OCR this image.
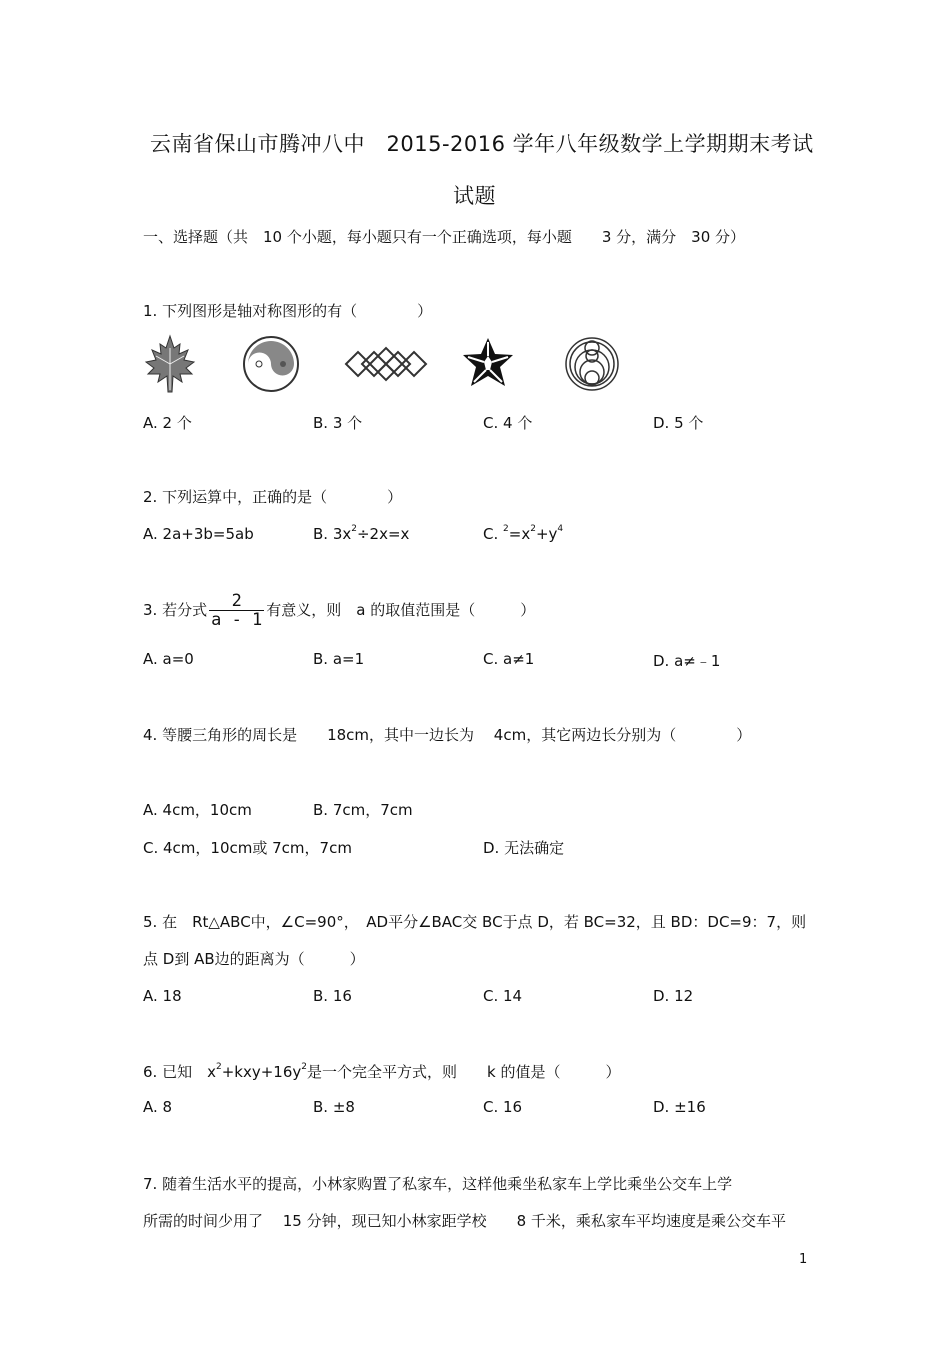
云南省保山市腾冲八中　2015-2016 学年八年级数学上学期期末考试
试题
一、选择题（共　10 个小题，每小题只有一个正确选项，每小题　　3 分，满分　30 分）
1. 下列图形是轴对称图形的有（　　　　）
A. 2 个	B. 3 个	C. 4 个	D. 5 个
2. 下列运算中，正确的是（　　　　）
A. 2a+3b=5ab	B. $3x^2\div 2x=x$	C. $^2=x^2+y^4$
3. 若分式 $\frac{2}{a - 1}$ 有意义，则　a 的取值范围是（　　　）
A. a=0	B. a=1	C. a≠1	D. a≠﹣1
4. 等腰三角形的周长是　　18cm，其中一边长为　 4cm，其它两边长分别为（　　　　）
A. 4cm，10cm	B. 7cm，7cm
C. 4cm，10cm或 7cm，7cm	D. 无法确定
5. 在　Rt△ABC中，∠C=90°，　AD平分∠BAC交 BC于点 D，若 BC=32，且 BD：DC=9：7，则
点 D到 AB边的距离为（　　　）
A. 18	B. 16	C. 14	D. 12
6. 已知　$x^2+kxy+16y^2$是一个完全平方式，则　　k 的值是（　　　）
A. 8	B. ±8	C. 16	D. ±16
7. 随着生活水平的提高，小林家购置了私家车，这样他乘坐私家车上学比乘坐公交车上学
所需的时间少用了　 15 分钟，现已知小林家距学校　　8 千米，乘私家车平均速度是乘公交车平
1
